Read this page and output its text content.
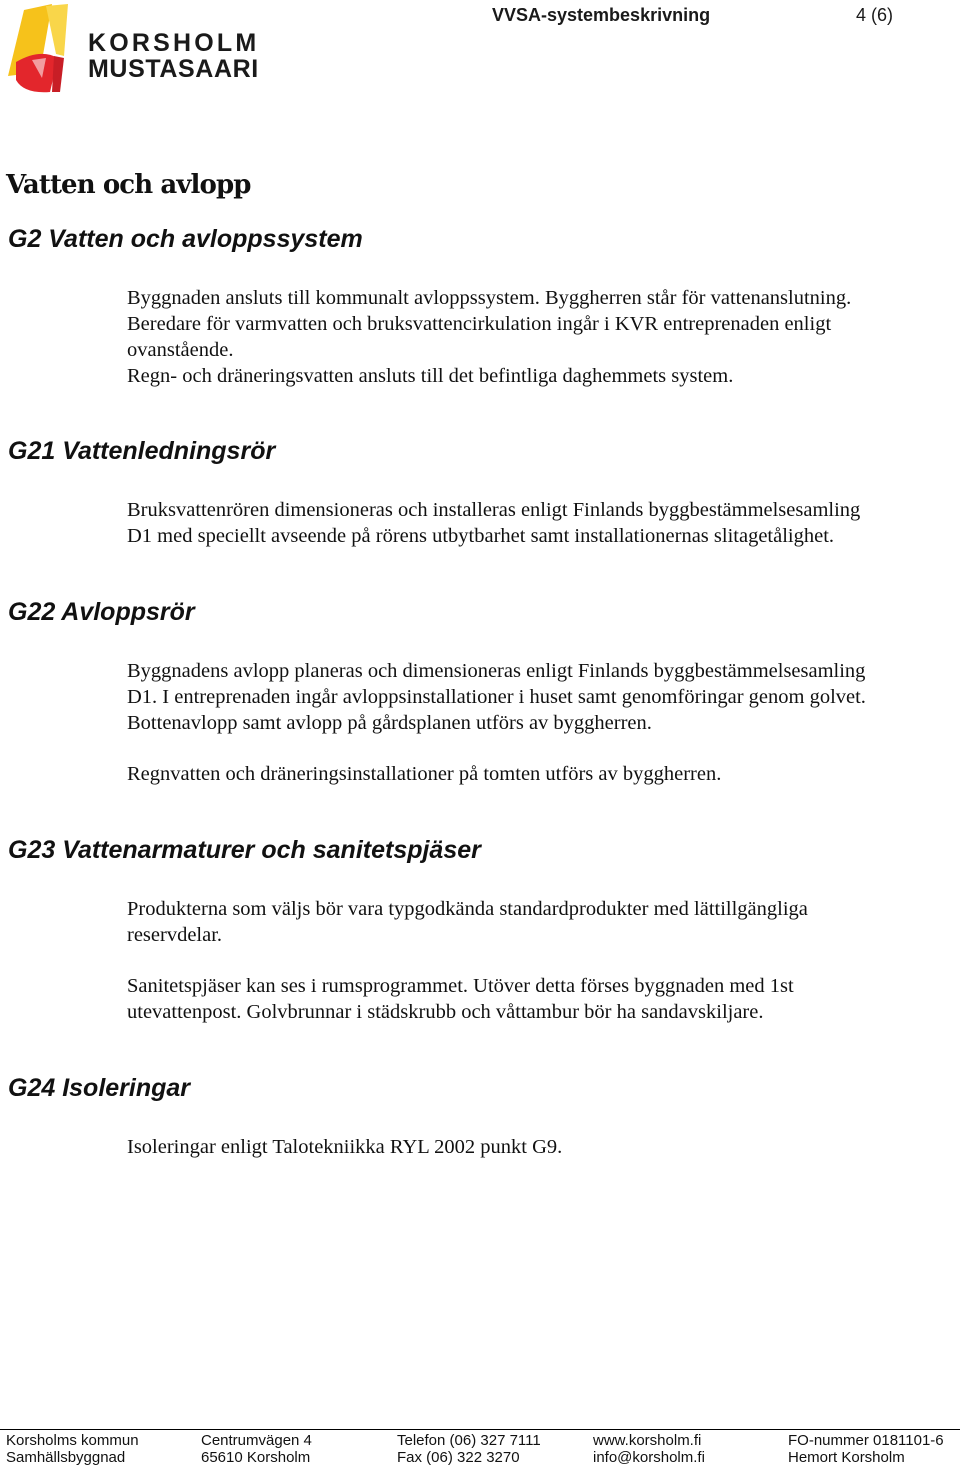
KORSHOLM
MUSTASAARI
VVSA-systembeskrivning	4 (6)
Vatten och avlopp
G2 Vatten och avloppssystem

Byggnaden ansluts till kommunalt avloppssystem. Byggherren står för vattenanslutning.
Beredare för varmvatten och bruksvattencirkulation ingår i KVR entreprenaden enligt
ovanstående.
Regn- och dräneringsvatten ansluts till det befintliga daghemmets system.

G21 Vattenledningsrör

Bruksvattenrören dimensioneras och installeras enligt Finlands byggbestämmelsesamling
D1 med speciellt avseende på rörens utbytbarhet samt installationernas slitagetålighet.

G22 Avloppsrör

Byggnadens avlopp planeras och dimensioneras enligt Finlands byggbestämmelsesamling
D1. I entreprenaden ingår avloppsinstallationer i huset samt genomföringar genom golvet.
Bottenavlopp samt avlopp på gårdsplanen utförs av byggherren.

Regnvatten och dräneringsinstallationer på tomten utförs av byggherren.

G23 Vattenarmaturer och sanitetspjäser

Produkterna som väljs bör vara typgodkända standardprodukter med lättillgängliga
reservdelar.

Sanitetspjäser kan ses i rumsprogrammet. Utöver detta förses byggnaden med 1st
utevattenpost. Golvbrunnar i städskrubb och våttambur bör ha sandavskiljare.

G24 Isoleringar

Isoleringar enligt Talotekniikka RYL 2002 punkt G9.

Korsholms kommun
Samhällsbyggnad
Centrumvägen 4
65610 Korsholm
Telefon (06) 327 7111
Fax (06) 322 3270
www.korsholm.fi
info@korsholm.fi
FO-nummer 0181101-6
Hemort Korsholm
